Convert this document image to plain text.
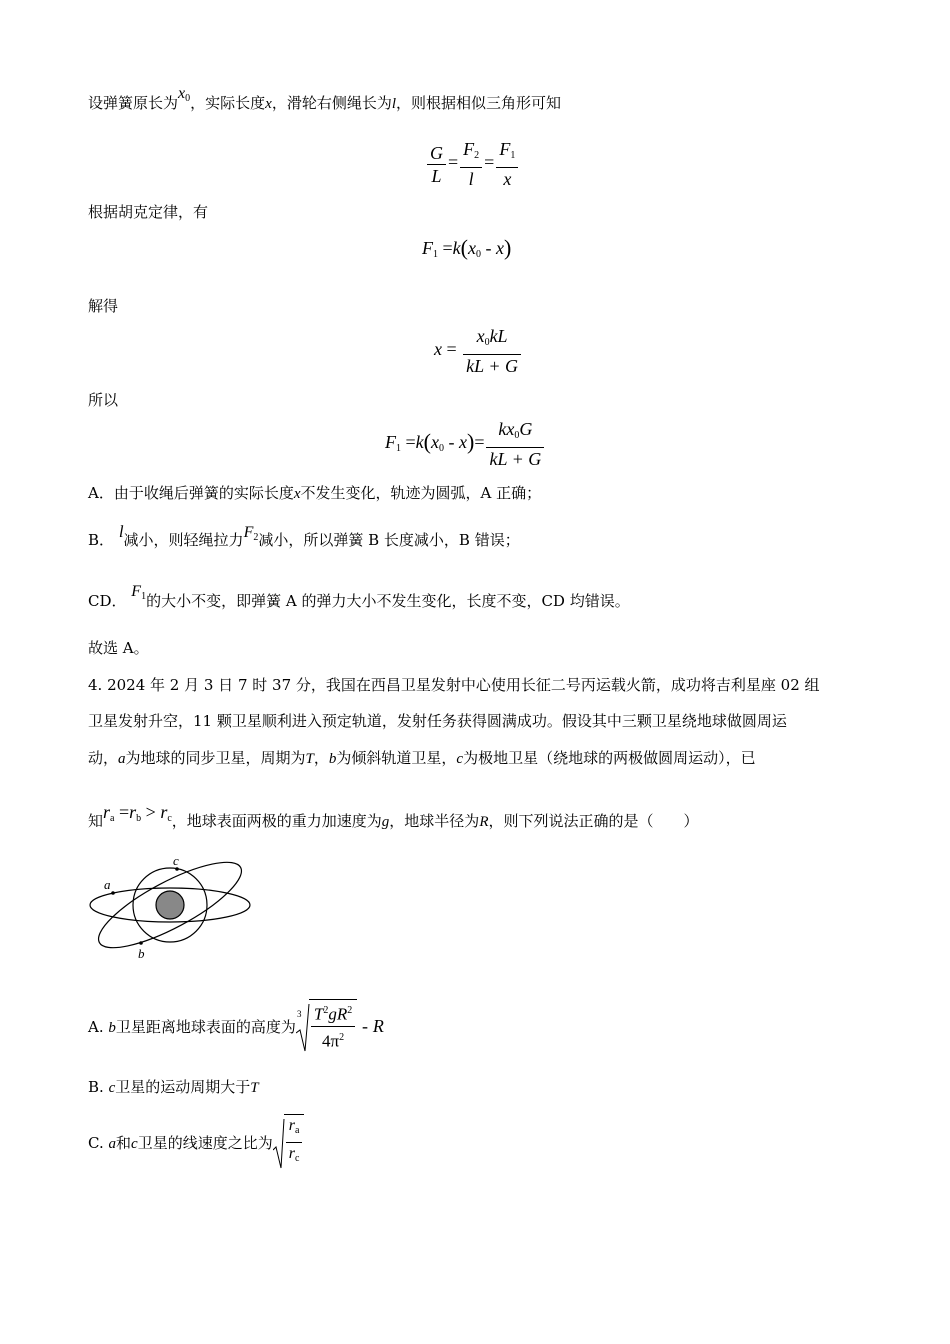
设弹簧原长为$x_0$，实际长度x，滑轮右侧绳长为l，则根据相似三角形可知
$\frac{G}{L} = \frac{F_2}{l} = \frac{F_1}{x}$
根据胡克定律，有
$F_1 =k(x_0 - x)$
解得
$x = \frac{x_0kL}{kL + G}$
所以
$F_1 =k(x_0 - x)= \frac{kx_0G}{kL + G}$
A．由于收绳后弹簧的实际长度x不发生变化，轨迹为圆弧，A 正确；
B． l减小，则轻绳拉力$F_2$减小，所以弹簧 B 长度减小，B 错误；
CD． $F_1$的大小不变，即弹簧 A 的弹力大小不发生变化，长度不变，CD 均错误。
故选 A。
4. 2024 年 2 月 3 日 7 时 37 分，我国在西昌卫星发射中心使用长征二号丙运载火箭，成功将吉利星座 02 组
卫星发射升空，11 颗卫星顺利进入预定轨道，发射任务获得圆满成功。假设其中三颗卫星绕地球做圆周运
动，a为地球的同步卫星，周期为T，b为倾斜轨道卫星，c为极地卫星（绕地球的两极做圆周运动），已
知$r_a =r_b > r_c$，地球表面两极的重力加速度为g，地球半径为R，则下列说法正确的是（　　）
a
c
b
A. b卫星距离地球表面的高度为
$3 \frac{T^2gR^2}{4\pi^2}$ - R
B. c卫星的运动周期大于T
C. a和c卫星的线速度之比为 $\frac{r_a}{r_c}$
